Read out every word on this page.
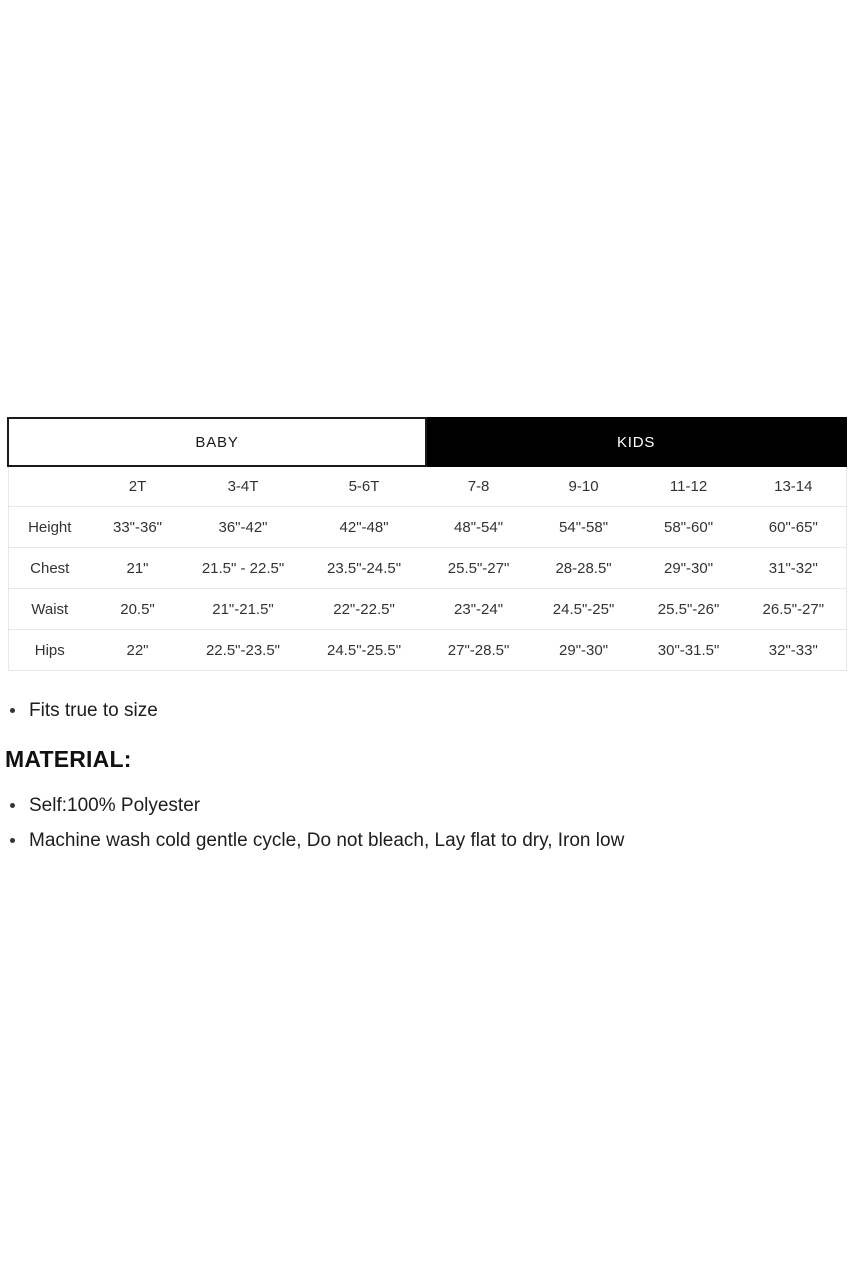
BABY				KIDS			
	2T	3-4T	5-6T	7-8	9-10	11-12	13-14
Height	33"-36"	36"-42"	42"-48"	48"-54"	54"-58"	58"-60"	60"-65"
Chest	21"	21.5" - 22.5"	23.5"-24.5"	25.5"-27"	28-28.5"	29"-30"	31"-32"
Waist	20.5"	21"-21.5"	22"-22.5"	23"-24"	24.5"-25"	25.5"-26"	26.5"-27"
Hips	22"	22.5"-23.5"	24.5"-25.5"	27"-28.5"	29"-30"	30"-31.5"	32"-33"
Fits true to size
MATERIAL:
Self:100% Polyester
Machine wash cold gentle cycle, Do not bleach, Lay flat to dry, Iron low
